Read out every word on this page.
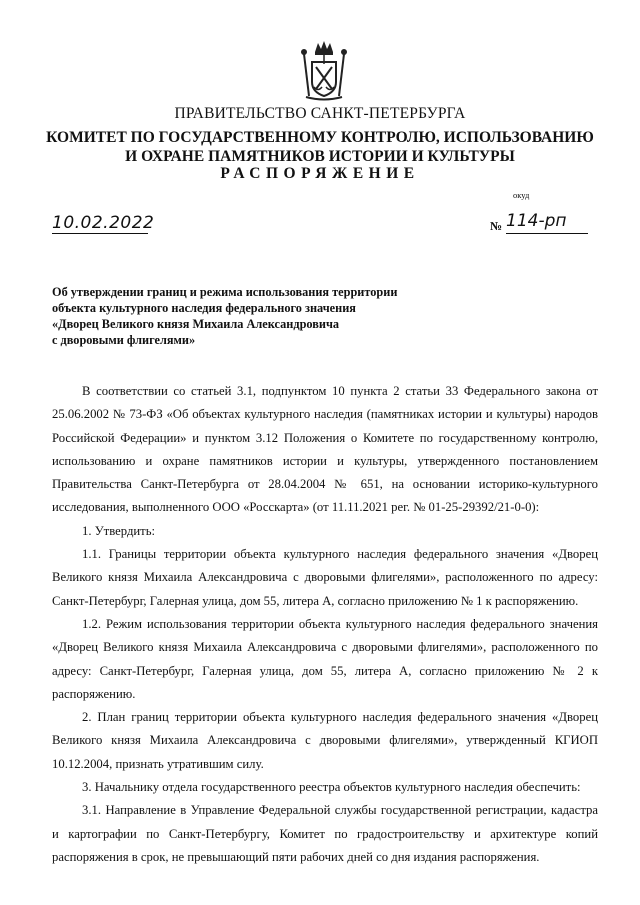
ПРАВИТЕЛЬСТВО САНКТ-ПЕТЕРБУРГА
КОМИТЕТ ПО ГОСУДАРСТВЕННОМУ КОНТРОЛЮ, ИСПОЛЬЗОВАНИЮ
И ОХРАНЕ ПАМЯТНИКОВ ИСТОРИИ И КУЛЬТУРЫ
РАСПОРЯЖЕНИЕ
окуд
10.02.2022	№ 114-рп
Об утверждении границ и режима использования территории
объекта культурного наследия федерального значения
«Дворец Великого князя Михаила Александровича
с дворовыми флигелями»

В соответствии со статьей 3.1, подпунктом 10 пункта 2 статьи 33 Федерального закона от 25.06.2002 № 73-ФЗ «Об объектах культурного наследия (памятниках истории и культуры) народов Российской Федерации» и пунктом 3.12 Положения о Комитете по государственному контролю, использованию и охране памятников истории и культуры, утвержденного постановлением Правительства Санкт-Петербурга от 28.04.2004 № 651, на основании историко-культурного исследования, выполненного ООО «Росскарта» (от 11.11.2021 рег. № 01-25-29392/21-0-0):

1. Утвердить:

1.1. Границы территории объекта культурного наследия федерального значения «Дворец Великого князя Михаила Александровича с дворовыми флигелями», расположенного по адресу: Санкт-Петербург, Галерная улица, дом 55, литера А, согласно приложению № 1 к распоряжению.

1.2. Режим использования территории объекта культурного наследия федерального значения «Дворец Великого князя Михаила Александровича с дворовыми флигелями», расположенного по адресу: Санкт-Петербург, Галерная улица, дом 55, литера А, согласно приложению № 2 к распоряжению.

2. План границ территории объекта культурного наследия федерального значения «Дворец Великого князя Михаила Александровича с дворовыми флигелями», утвержденный КГИОП 10.12.2004, признать утратившим силу.

3. Начальнику отдела государственного реестра объектов культурного наследия обеспечить:

3.1. Направление в Управление Федеральной службы государственной регистрации, кадастра и картографии по Санкт-Петербургу, Комитет по градостроительству и архитектуре копий распоряжения в срок, не превышающий пяти рабочих дней со дня издания распоряжения.
